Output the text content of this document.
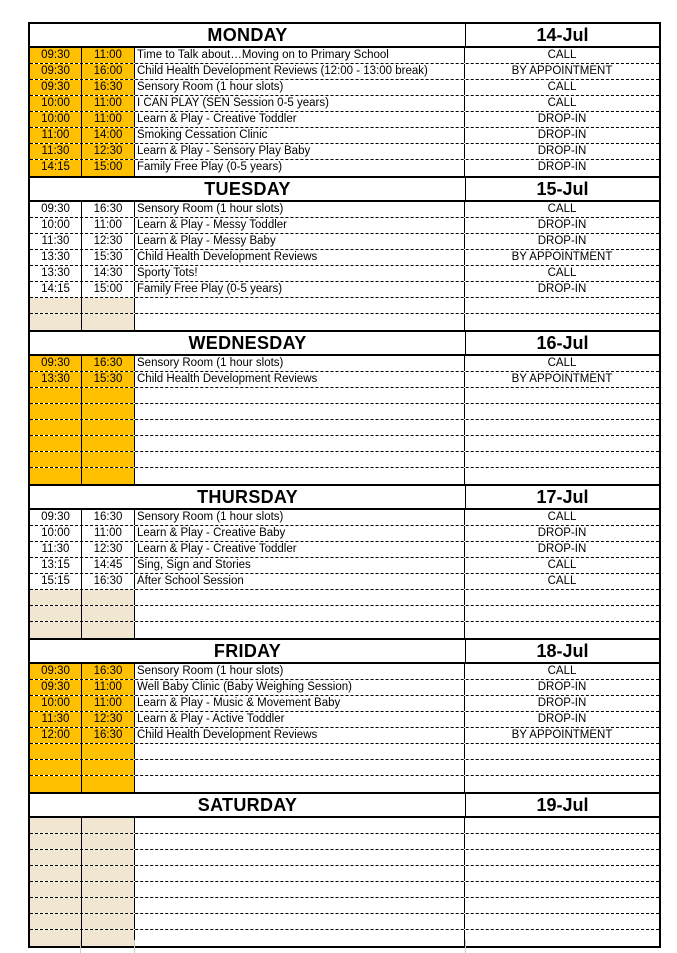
MONDAY	14-Jul
09:30	11:00	Time to Talk about…Moving on to Primary School	CALL
09:30	16:00	Child Health Development Reviews (12:00 - 13:00 break)	BY APPOINTMENT
09:30	16:30	Sensory Room (1 hour slots)	CALL
10:00	11:00	I CAN PLAY (SEN Session 0-5 years)	CALL
10:00	11:00	Learn & Play - Creative Toddler	DROP-IN
11:00	14:00	Smoking Cessation Clinic	DROP-IN
11:30	12:30	Learn & Play - Sensory Play Baby	DROP-IN
14:15	15:00	Family Free Play (0-5 years)	DROP-IN
TUESDAY	15-Jul
09:30	16:30	Sensory Room (1 hour slots)	CALL
10:00	11:00	Learn & Play - Messy Toddler	DROP-IN
11:30	12:30	Learn & Play - Messy Baby	DROP-IN
13:30	15:30	Child Health Development Reviews	BY APPOINTMENT
13:30	14:30	Sporty Tots!	CALL
14:15	15:00	Family Free Play (0-5 years)	DROP-IN
WEDNESDAY	16-Jul
09:30	16:30	Sensory Room (1 hour slots)	CALL
13:30	15:30	Child Health Development Reviews	BY APPOINTMENT
THURSDAY	17-Jul
09:30	16:30	Sensory Room (1 hour slots)	CALL
10:00	11:00	Learn & Play - Creative Baby	DROP-IN
11:30	12:30	Learn & Play - Creative Toddler	DROP-IN
13:15	14:45	Sing, Sign and Stories	CALL
15:15	16:30	After School Session	CALL
FRIDAY	18-Jul
09:30	16:30	Sensory Room (1 hour slots)	CALL
09:30	11:00	Well Baby Clinic (Baby Weighing Session)	DROP-IN
10:00	11:00	Learn & Play - Music & Movement Baby	DROP-IN
11:30	12:30	Learn & Play - Active Toddler	DROP-IN
12:00	16:30	Child Health Development Reviews	BY APPOINTMENT
SATURDAY	19-Jul
